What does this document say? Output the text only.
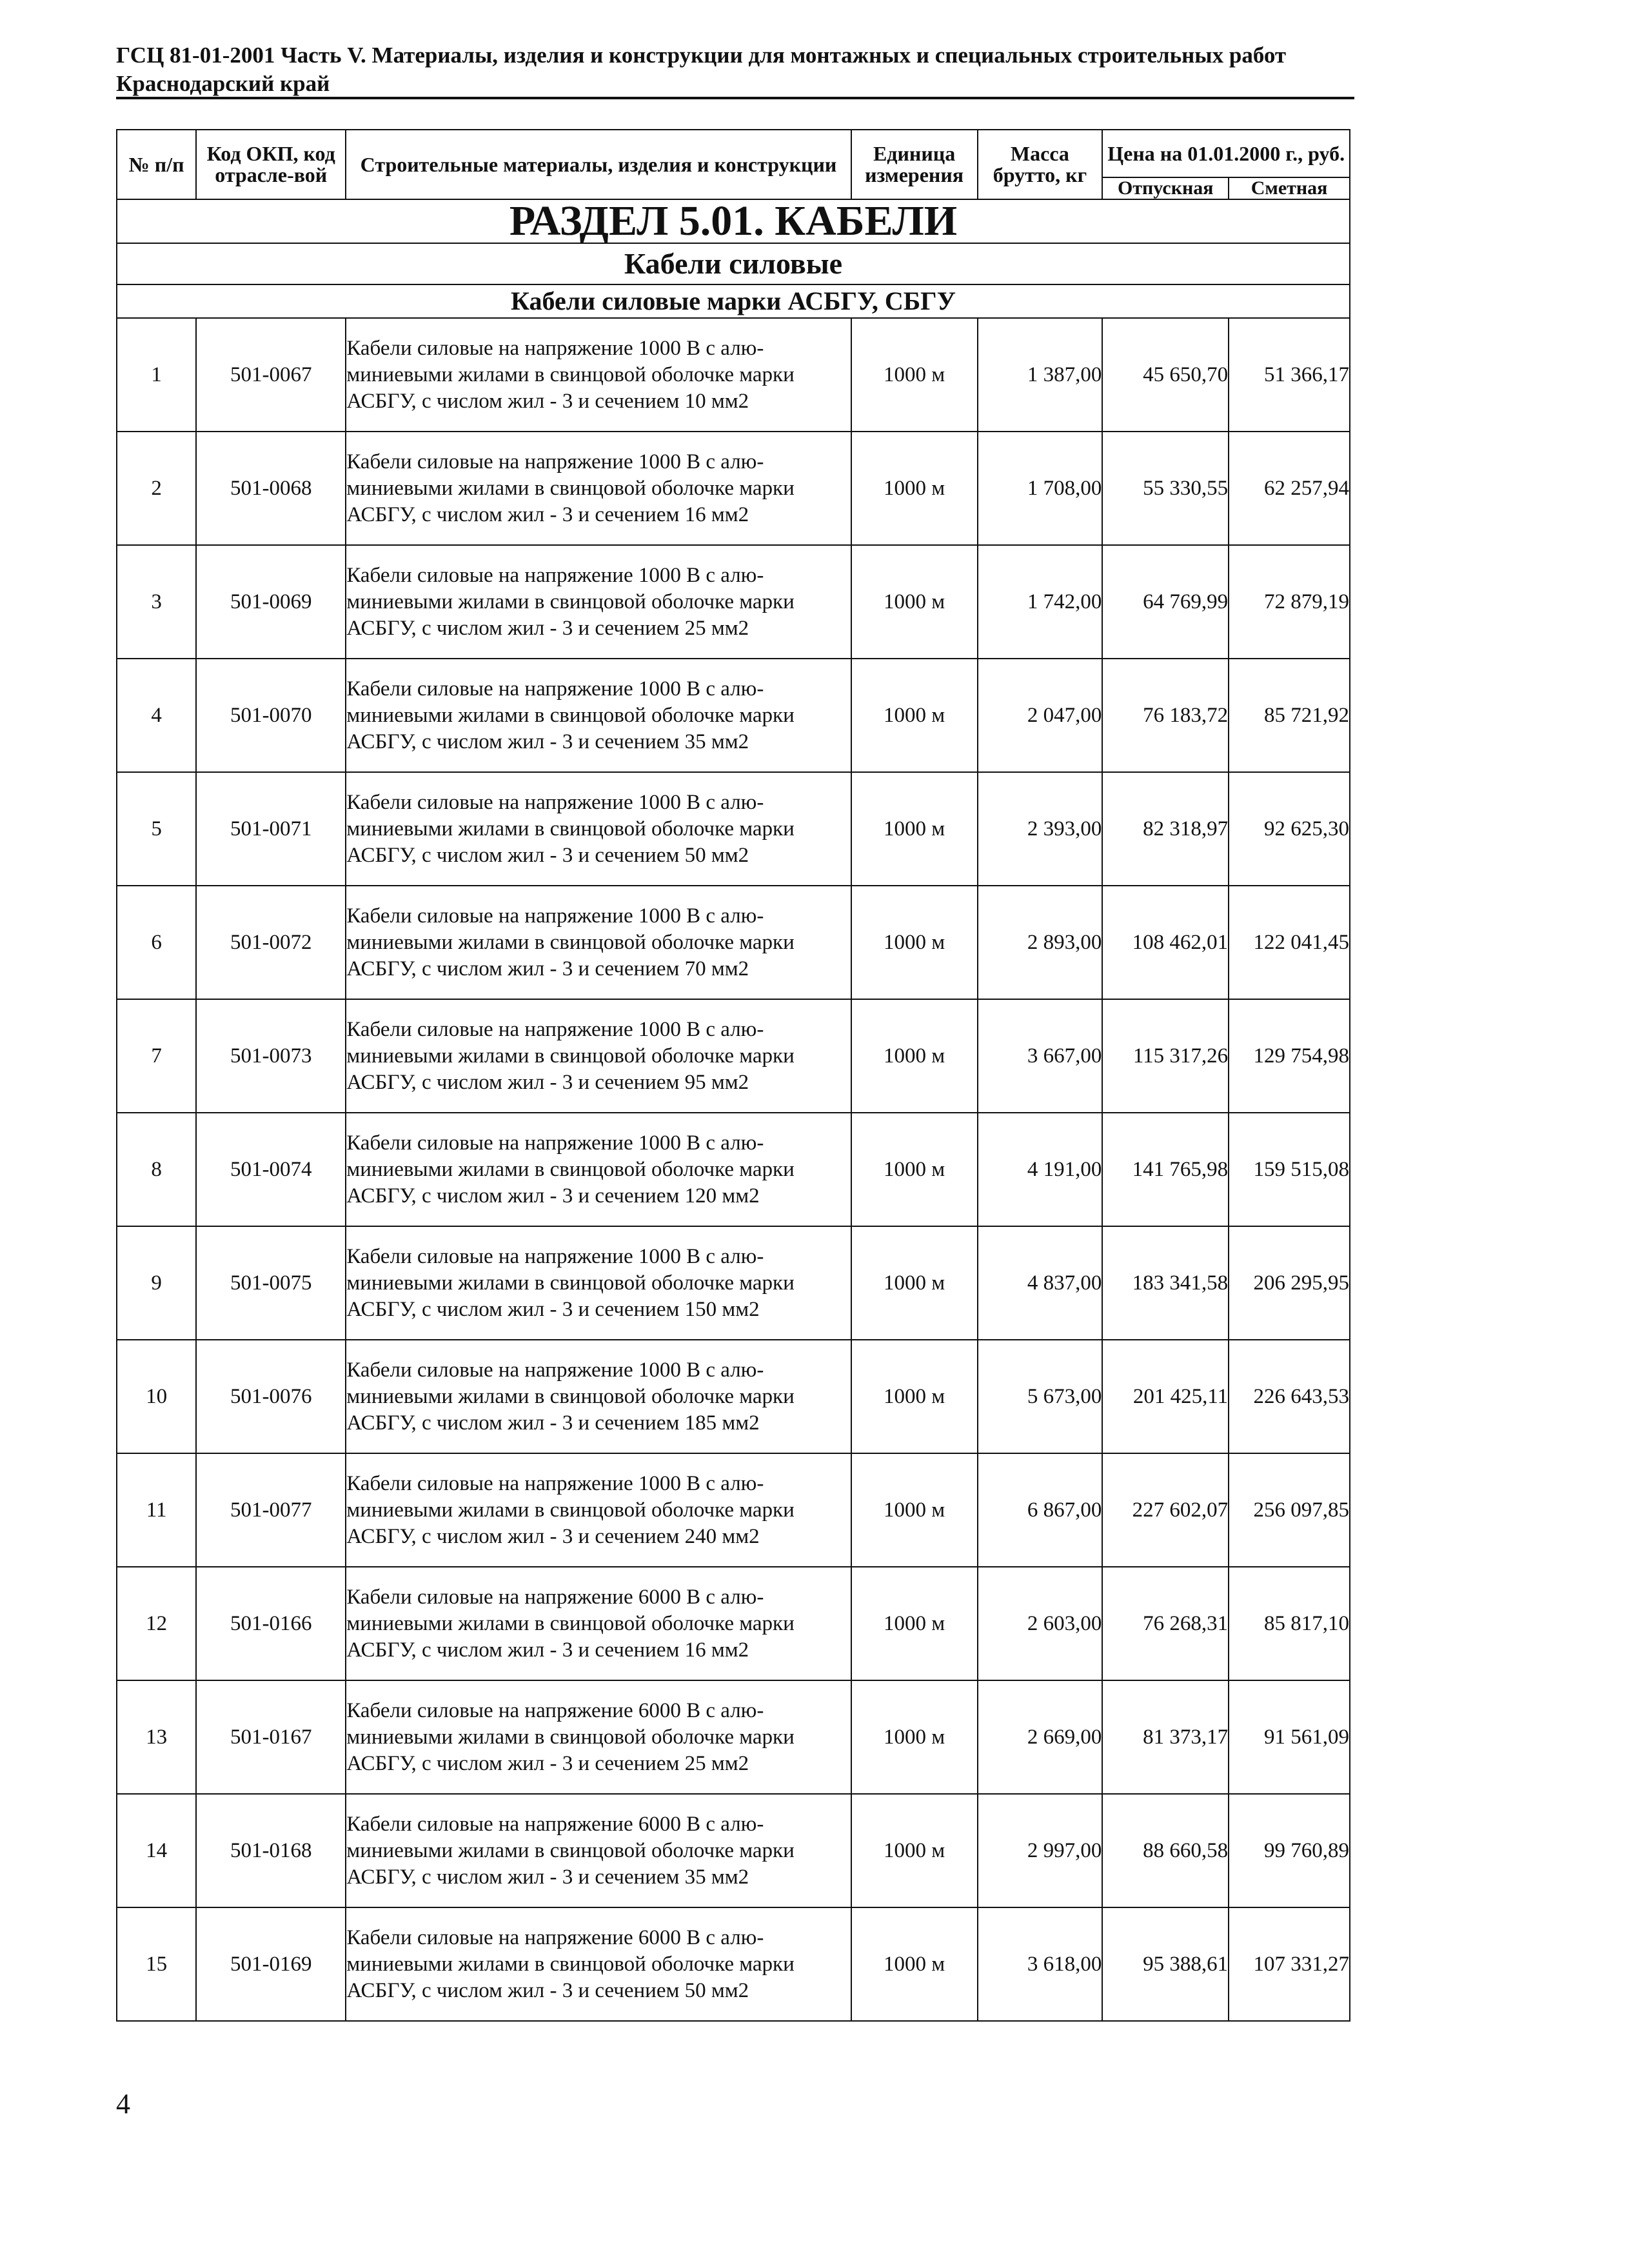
ГСЦ 81-01-2001 Часть V. Материалы, изделия и конструкции для монтажных и специальных строительных работ
Краснодарский край
№ п/п	Код ОКП, код отрасле-вой	Строительные материалы, изделия и конструкции	Единица измерения	Масса брутто, кг	Цена на 01.01.2000 г., руб.	
					Отпускная	Сметная
РАЗДЕЛ 5.01. КАБЕЛИ						
Кабели силовые						
Кабели силовые марки АСБГУ, СБГУ						
1	501-0067	Кабели силовые на напряжение 1000 В с алю-миниевыми жилами в свинцовой оболочке марки АСБГУ, с числом жил - 3 и сечением 10 мм2	1000 м	1 387,00	45 650,70	51 366,17
2	501-0068	Кабели силовые на напряжение 1000 В с алю-миниевыми жилами в свинцовой оболочке марки АСБГУ, с числом жил - 3 и сечением 16 мм2	1000 м	1 708,00	55 330,55	62 257,94
3	501-0069	Кабели силовые на напряжение 1000 В с алю-миниевыми жилами в свинцовой оболочке марки АСБГУ, с числом жил - 3 и сечением 25 мм2	1000 м	1 742,00	64 769,99	72 879,19
4	501-0070	Кабели силовые на напряжение 1000 В с алю-миниевыми жилами в свинцовой оболочке марки АСБГУ, с числом жил - 3 и сечением 35 мм2	1000 м	2 047,00	76 183,72	85 721,92
5	501-0071	Кабели силовые на напряжение 1000 В с алю-миниевыми жилами в свинцовой оболочке марки АСБГУ, с числом жил - 3 и сечением 50 мм2	1000 м	2 393,00	82 318,97	92 625,30
6	501-0072	Кабели силовые на напряжение 1000 В с алю-миниевыми жилами в свинцовой оболочке марки АСБГУ, с числом жил - 3 и сечением 70 мм2	1000 м	2 893,00	108 462,01	122 041,45
7	501-0073	Кабели силовые на напряжение 1000 В с алю-миниевыми жилами в свинцовой оболочке марки АСБГУ, с числом жил - 3 и сечением 95 мм2	1000 м	3 667,00	115 317,26	129 754,98
8	501-0074	Кабели силовые на напряжение 1000 В с алю-миниевыми жилами в свинцовой оболочке марки АСБГУ, с числом жил - 3 и сечением 120 мм2	1000 м	4 191,00	141 765,98	159 515,08
9	501-0075	Кабели силовые на напряжение 1000 В с алю-миниевыми жилами в свинцовой оболочке марки АСБГУ, с числом жил - 3 и сечением 150 мм2	1000 м	4 837,00	183 341,58	206 295,95
10	501-0076	Кабели силовые на напряжение 1000 В с алю-миниевыми жилами в свинцовой оболочке марки АСБГУ, с числом жил - 3 и сечением 185 мм2	1000 м	5 673,00	201 425,11	226 643,53
11	501-0077	Кабели силовые на напряжение 1000 В с алю-миниевыми жилами в свинцовой оболочке марки АСБГУ, с числом жил - 3 и сечением 240 мм2	1000 м	6 867,00	227 602,07	256 097,85
12	501-0166	Кабели силовые на напряжение 6000 В с алю-миниевыми жилами в свинцовой оболочке марки АСБГУ, с числом жил - 3 и сечением 16 мм2	1000 м	2 603,00	76 268,31	85 817,10
13	501-0167	Кабели силовые на напряжение 6000 В с алю-миниевыми жилами в свинцовой оболочке марки АСБГУ, с числом жил - 3 и сечением 25 мм2	1000 м	2 669,00	81 373,17	91 561,09
14	501-0168	Кабели силовые на напряжение 6000 В с алю-миниевыми жилами в свинцовой оболочке марки АСБГУ, с числом жил - 3 и сечением 35 мм2	1000 м	2 997,00	88 660,58	99 760,89
15	501-0169	Кабели силовые на напряжение 6000 В с алю-миниевыми жилами в свинцовой оболочке марки АСБГУ, с числом жил - 3 и сечением 50 мм2	1000 м	3 618,00	95 388,61	107 331,27
4
